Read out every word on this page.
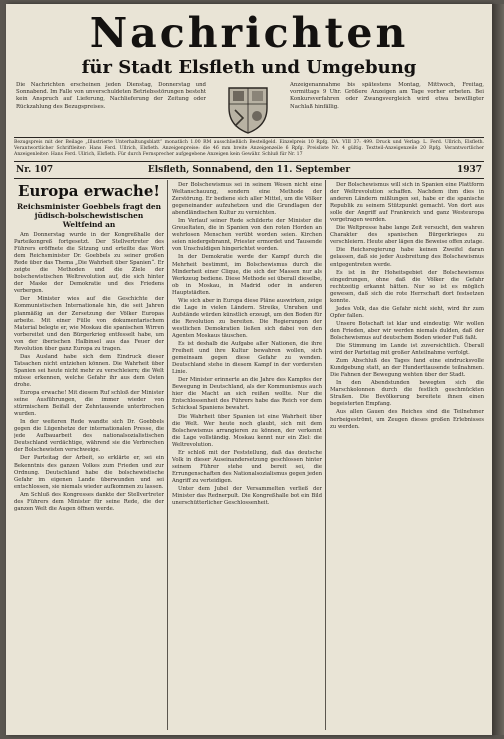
Nachrichten
für Stadt Elsfleth und Umgebung
Die Nachrichten erscheinen jeden Dienstag, Donnerstag und Sonnabend. Im Falle von unverschuldeten Betriebsstörungen besteht kein Anspruch auf Lieferung, Nachlieferung der Zeitung oder Rückzahlung des Bezugspreises.
Anzeigenannahme bis spätestens Montag, Mittwoch, Freitag, vormittags 9 Uhr. Größere Anzeigen am Tage vorher erbeten. Bei Konkursverfahren oder Zwangsvergleich wird etwa bewilligter Nachlaß hinfällig.
Bezugspreis mit der Beilage „Illustrierte Unterhaltungsblatt“ monatlich 1.00 RM ausschließlich Bestellgeld. Einzelpreis 10 Rpfg. DA. VIII 37: 499. Druck und Verlag: L. Ferd. Ullrich, Elsfleth. Verantwortlicher Schriftleiter: Hans Ferd. Ullrich, Elsfleth. Anzeigenpreise: die 46 mm breite Anzeigenzeile 6 Rpfg. Preisliste Nr. 4 gültig. Textteil-Anzeigenzeile 20 Rpfg. Verantwortlicher Anzeigenleiter: Hans Ferd. Ullrich, Elsfleth. Für durch Fernsprecher aufgegebene Anzeigen kein Gewähr. Schluß für Nr. 17
Nr. 107	Elsfleth, Sonnabend, den 11. September	1937
Europa erwache!
Reichsminister Goebbels fragt den jüdisch-bolschewistischen Weltfeind an

Am Donnerstag wurde in der Kongreßhalle der Parteikongreß fortgesetzt. Der Stellvertreter des Führers eröffnete die Sitzung und erteilte das Wort dem Reichsminister Dr. Goebbels zu seiner großen Rede über das Thema „Die Wahrheit über Spanien“. Er zeigte die Methoden und die Ziele der bolschewistischen Weltrevolution auf, die sich hinter der Maske der Demokratie und des Friedens verbergen.

Der Minister wies auf die Geschichte der Kommunistischen Internationale hin, die seit Jahren planmäßig an der Zersetzung der Völker Europas arbeite. Mit einer Fülle von dokumentarischem Material belegte er, wie Moskau die spanischen Wirren vorbereitet und den Bürgerkrieg entfesselt habe, um von der iberischen Halbinsel aus das Feuer der Revolution über ganz Europa zu tragen.

Das Ausland habe sich dem Eindruck dieser Tatsachen nicht entziehen können. Die Wahrheit über Spanien sei heute nicht mehr zu verschleiern; die Welt müsse erkennen, welche Gefahr ihr aus dem Osten drohe.

Europa erwache! Mit diesem Ruf schloß der Minister seine Ausführungen, die immer wieder von stürmischem Beifall der Zehntausende unterbrochen wurden.

In der weiteren Rede wandte sich Dr. Goebbels gegen die Lügenhetze der internationalen Presse, die jede Aufbauarbeit des nationalsozialistischen Deutschland verdächtige, während sie die Verbrechen der Bolschewisten verschweige.

Der Parteitag der Arbeit, so erklärte er, sei ein Bekenntnis des ganzen Volkes zum Frieden und zur Ordnung. Deutschland habe die bolschewistische Gefahr im eigenen Lande überwunden und sei entschlossen, sie niemals wieder aufkommen zu lassen.

Am Schluß des Kongresses dankte der Stellvertreter des Führers dem Minister für seine Rede, die der ganzen Welt die Augen öffnen werde.

Der Bolschewismus sei in seinem Wesen nicht eine Weltanschauung, sondern eine Methode der Zerstörung. Er bediene sich aller Mittel, um die Völker gegeneinander aufzuhetzen und die Grundlagen der abendländischen Kultur zu vernichten.

Im Verlauf seiner Rede schilderte der Minister die Greueltaten, die in Spanien von den roten Horden an wehrlosen Menschen verübt worden seien. Kirchen seien niedergebrannt, Priester ermordet und Tausende von Unschuldigen hingerichtet worden.

In der Demokratie werde der Kampf durch die Mehrheit bestimmt, im Bolschewismus durch die Minderheit einer Clique, die sich der Massen nur als Werkzeug bediene. Diese Methode sei überall dieselbe, ob in Moskau, in Madrid oder in anderen Hauptstädten.

Wie sich aber in Europa diese Pläne auswirken, zeige die Lage in vielen Ländern. Streiks, Unruhen und Aufstände würden künstlich erzeugt, um den Boden für die Revolution zu bereiten. Die Regierungen der westlichen Demokratien ließen sich dabei von den Agenten Moskaus täuschen.

Es ist deshalb die Aufgabe aller Nationen, die ihre Freiheit und ihre Kultur bewahren wollen, sich gemeinsam gegen diese Gefahr zu wenden. Deutschland stehe in diesem Kampf in der vordersten Linie.

Der Minister erinnerte an die Jahre des Kampfes der Bewegung in Deutschland, als der Kommunismus auch hier die Macht an sich reißen wollte. Nur die Entschlossenheit des Führers habe das Reich vor dem Schicksal Spaniens bewahrt.

Die Wahrheit über Spanien ist eine Wahrheit über die Welt. Wer heute noch glaubt, sich mit dem Bolschewismus arrangieren zu können, der verkennt die Lage vollständig. Moskau kennt nur ein Ziel: die Weltrevolution.

Er schloß mit der Feststellung, daß das deutsche Volk in dieser Auseinandersetzung geschlossen hinter seinem Führer stehe und bereit sei, die Errungenschaften des Nationalsozialismus gegen jeden Angriff zu verteidigen.

Unter dem Jubel der Versammelten verließ der Minister das Rednerpult. Die Kongreßhalle bot ein Bild unerschütterlicher Geschlossenheit.

Der Bolschewismus will sich in Spanien eine Plattform der Weltrevolution schaffen. Nachdem ihm dies in anderen Ländern mißlungen sei, habe er die spanische Republik zu seinem Stützpunkt gemacht. Von dort aus solle der Angriff auf Frankreich und ganz Westeuropa vorgetragen werden.

Die Weltpresse habe lange Zeit versucht, den wahren Charakter des spanischen Bürgerkrieges zu verschleiern. Heute aber lägen die Beweise offen zutage.

Die Reichsregierung habe keinen Zweifel daran gelassen, daß sie jeder Ausbreitung des Bolschewismus entgegentreten werde.

Es ist in ihr Hoheitsgebiet der Bolschewismus eingedrungen, ohne daß die Völker die Gefahr rechtzeitig erkannt hätten. Nur so ist es möglich gewesen, daß sich die rote Herrschaft dort festsetzen konnte.

Jedes Volk, das die Gefahr nicht sieht, wird ihr zum Opfer fallen.

Unsere Botschaft ist klar und eindeutig: Wir wollen den Frieden, aber wir werden niemals dulden, daß der Bolschewismus auf deutschem Boden wieder Fuß faßt.

Die Stimmung im Lande ist zuversichtlich. Überall wird der Parteitag mit großer Anteilnahme verfolgt.

Zum Abschluß des Tages fand eine eindrucksvolle Kundgebung statt, an der Hunderttausende teilnahmen. Die Fahnen der Bewegung wehten über der Stadt.

In den Abendstunden bewegten sich die Marschkolonnen durch die festlich geschmückten Straßen. Die Bevölkerung bereitete ihnen einen begeisterten Empfang.

Aus allen Gauen des Reiches sind die Teilnehmer herbeigeströmt, um Zeugen dieses großen Erlebnisses zu werden.
